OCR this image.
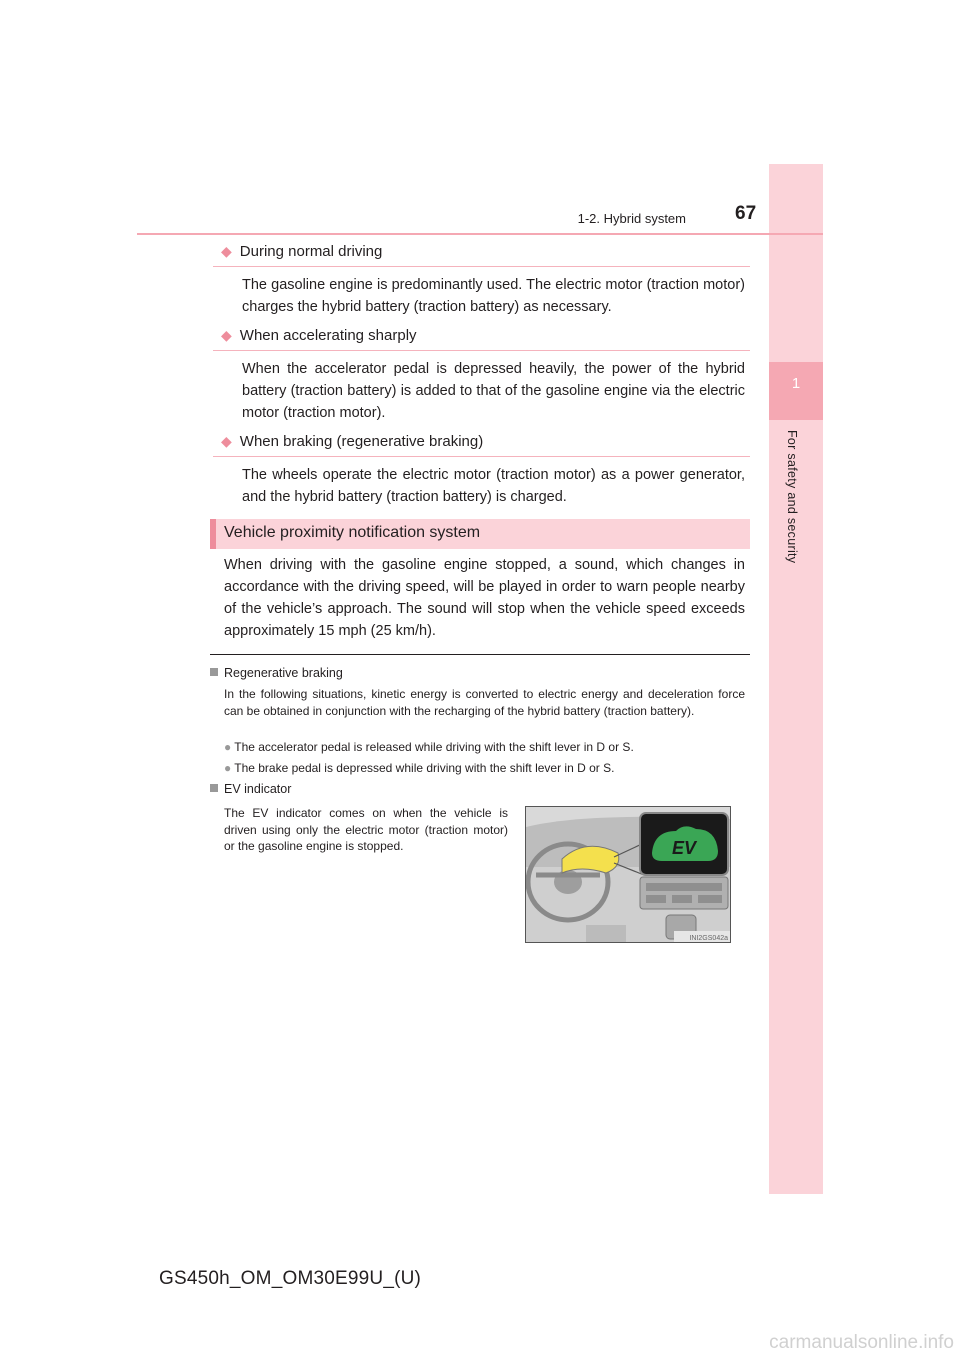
1
For safety and security
1-2. Hybrid system	67
◆ During normal driving
The gasoline engine is predominantly used. The electric motor (traction motor) charges the hybrid battery (traction battery) as necessary.
◆ When accelerating sharply
When the accelerator pedal is depressed heavily, the power of the hybrid battery (traction battery) is added to that of the gasoline engine via the electric motor (traction motor).
◆ When braking (regenerative braking)
The wheels operate the electric motor (traction motor) as a power generator, and the hybrid battery (traction battery) is charged.
Vehicle proximity notification system
When driving with the gasoline engine stopped, a sound, which changes in accordance with the driving speed, will be played in order to warn people nearby of the vehicle’s approach. The sound will stop when the vehicle speed exceeds approximately 15 mph (25 km/h).
Regenerative braking
In the following situations, kinetic energy is converted to electric energy and deceleration force can be obtained in conjunction with the recharging of the hybrid battery (traction battery).
● The accelerator pedal is released while driving with the shift lever in D or S.
● The brake pedal is depressed while driving with the shift lever in D or S.
EV indicator
The EV indicator comes on when the vehicle is driven using only the electric motor (traction motor) or the gasoline engine is stopped.	EV
INI2GS042a
GS450h_OM_OM30E99U_(U)
carmanualsonline.info
